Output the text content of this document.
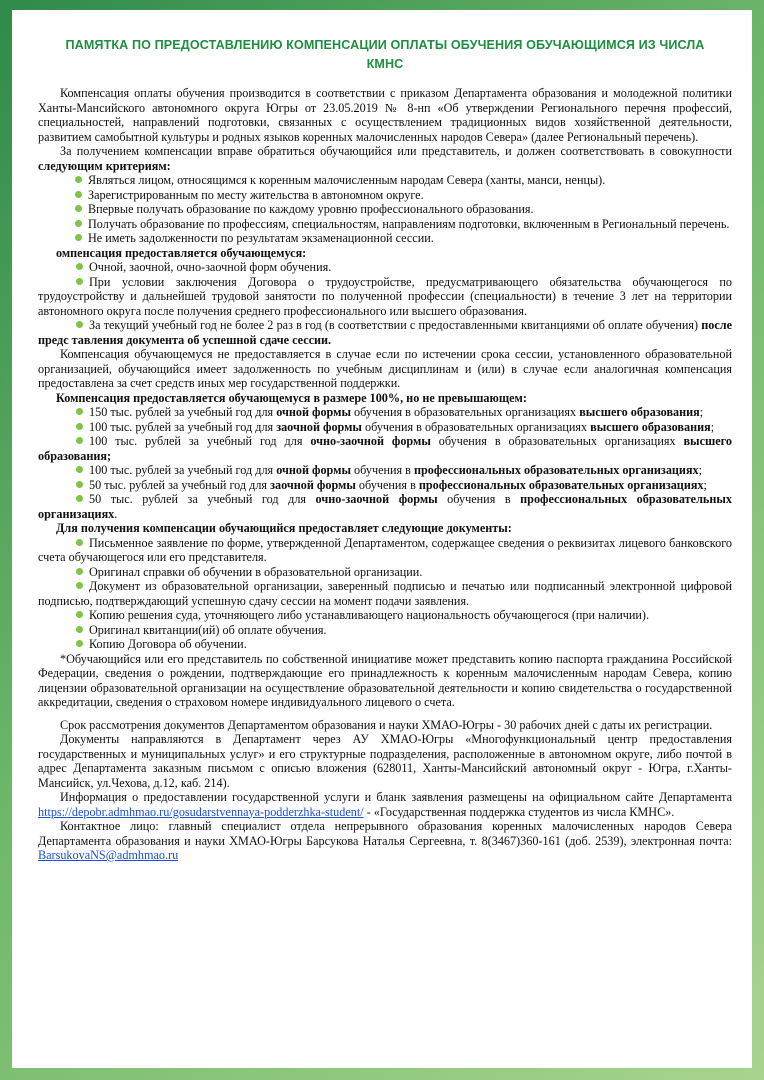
ПАМЯТКА ПО ПРЕДОСТАВЛЕНИЮ КОМПЕНСАЦИИ ОПЛАТЫ ОБУЧЕНИЯ ОБУЧАЮЩИМСЯ ИЗ ЧИСЛА КМНС

Компенсация оплаты обучения производится в соответствии с приказом Департамента образования и молодежной политики Ханты-Мансийского автономного округа Югры от 23.05.2019 № 8-нп «Об утверждении Регионального перечня профессий, специальностей, направлений подготовки, связанных с осуществлением традиционных видов хозяйственной деятельности, развитием самобытной культуры и родных языков коренных малочисленных народов Севера» (далее Региональный перечень).

За получением компенсации вправе обратиться обучающийся или представитель, и должен соответствовать в совокупности следующим критериям:

Являться лицом, относящимся к коренным малочисленным народам Севера (ханты, манси, ненцы).
Зарегистрированным по месту жительства в автономном округе.
Впервые получать образование по каждому уровню профессионального образования.
Получать образование по профессиям, специальностям, направлениям подготовки, включенным в Региональный перечень.
Не иметь задолженности по результатам экзаменационной сессии.

омпенсация предоставляется обучающемуся:

Очной, заочной, очно-заочной форм обучения.
При условии заключения Договора о трудоустройстве, предусматривающего обязательства обучающегося по трудоустройству и дальнейшей трудовой занятости по полученной профессии (специальности) в течение 3 лет на территории автономного округа после получения среднего профессионального или высшего образования.
За текущий учебный год не более 2 раз в год (в соответствии с предоставленными квитанциями об оплате обучения) после предс тавления документа об успешной сдаче сессии.

Компенсация обучающемуся не предоставляется в случае если по истечении срока сессии, установленного образовательной организацией, обучающийся имеет задолженность по учебным дисциплинам и (или) в случае если аналогичная компенсация предоставлена за счет средств иных мер государственной поддержки.

Компенсация предоставляется обучающемуся в размере 100%, но не превышающем:

150 тыс. рублей за учебный год для очной формы обучения в образовательных организациях высшего образования;
100 тыс. рублей за учебный год для заочной формы обучения в образовательных организациях высшего образования;
100 тыс. рублей за учебный год для очно-заочной формы обучения в образовательных организациях высшего образования;
100 тыс. рублей за учебный год для очной формы обучения в профессиональных образовательных организациях;
50 тыс. рублей за учебный год для заочной формы обучения в профессиональных образовательных организациях;
50 тыс. рублей за учебный год для очно-заочной формы обучения в профессиональных образовательных организациях.

Для получения компенсации обучающийся предоставляет следующие документы:

Письменное заявление по форме, утвержденной Департаментом, содержащее сведения о реквизитах лицевого банковского счета обучающегося или его представителя.
Оригинал справки об обучении в образовательной организации.
Документ из образовательной организации, заверенный подписью и печатью или подписанный электронной цифровой подписью, подтверждающий успешную сдачу сессии на момент подачи заявления.
Копию решения суда, уточняющего либо устанавливающего национальность обучающегося (при наличии).
Оригинал квитанции(ий) об оплате обучения.
Копию Договора об обучении.

*Обучающийся или его представитель по собственной инициативе может представить копию паспорта гражданина Российской Федерации, сведения о рождении, подтверждающие его принадлежность к коренным малочисленным народам Севера, копию лицензии образовательной организации на осуществление образовательной деятельности и копию свидетельства о государственной аккредитации, сведения о страховом номере индивидуального лицевого о счета.

Срок рассмотрения документов Департаментом образования и науки ХМАО-Югры - 30 рабочих дней с даты их регистрации.

Документы направляются в Департамент через АУ ХМАО-Югры «Многофункциональный центр предоставления государственных и муниципальных услуг» и его структурные подразделения, расположенные в автономном округе, либо почтой в адрес Департамента заказным письмом с описью вложения (628011, Ханты-Мансийский автономный округ - Югра, г.Ханты-Мансийск, ул.Чехова, д.12, каб. 214).

Информация о предоставлении государственной услуги и бланк заявления размещены на официальном сайте Департамента https://depobr.admhmao.ru/gosudarstvennaya-podderzhka-student/ - «Государственная поддержка студентов из числа КМНС».

Контактное лицо: главный специалист отдела непрерывного образования коренных малочисленных народов Севера Департамента образования и науки ХМАО-Югры Барсукова Наталья Сергеевна, т. 8(3467)360-161 (доб. 2539), электронная почта: BarsukovaNS@admhmao.ru
